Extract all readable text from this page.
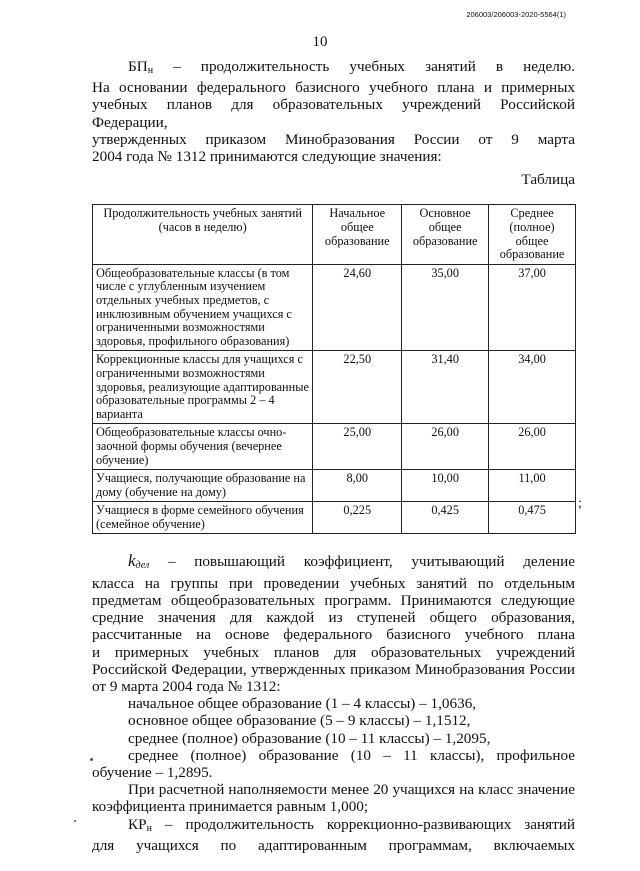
206003/206003-2020-5564(1)
10

$БП_н$ – продолжительность учебных занятий в неделю.

На основании федерального базисного учебного плана и примерных

учебных планов для образовательных учреждений Российской Федерации,

утвержденных приказом Минобразования России от 9 марта

2004 года № 1312 принимаются следующие значения:

Таблица

Продолжительность учебных занятий (часов в неделю)	Начальное общее образование	Основное общее образование	Среднее (полное) общее образование
Общеобразовательные классы (в том числе с углубленным изучением отдельных учебных предметов, с инклюзивным обучением учащихся с ограниченными возможностями здоровья, профильного образования)	24,60	35,00	37,00
Коррекционные классы для учащихся с ограниченными возможностями здоровья, реализующие адаптированные образовательные программы 2 – 4 варианта	22,50	31,40	34,00
Общеобразовательные классы очно-заочной формы обучения (вечернее обучение)	25,00	26,00	26,00
Учащиеся, получающие образование на дому (обучение на дому)	8,00	10,00	11,00
Учащиеся в форме семейного обучения (семейное обучение)	0,225	0,425	0,475

$k_{дел}$ – повышающий коэффициент, учитывающий деление

класса на группы при проведении учебных занятий по отдельным

предметам общеобразовательных программ. Принимаются следующие

средние значения для каждой из ступеней общего образования,

рассчитанные на основе федерального базисного учебного плана

и примерных учебных планов для образовательных учреждений

Российской Федерации, утвержденных приказом Минобразования России

от 9 марта 2004 года № 1312:

начальное общее образование (1 – 4 классы) – 1,0636,

основное общее образование (5 – 9 классы) – 1,1512,

среднее (полное) образование (10 – 11 классы) – 1,2095,

среднее (полное) образование (10 – 11 классы), профильное

обучение – 1,2895.

При расчетной наполняемости менее 20 учащихся на класс значение

коэффициента принимается равным 1,000;

$КР_н$ – продолжительность коррекционно-развивающих занятий

для учащихся по адаптированным программам, включаемых

;
